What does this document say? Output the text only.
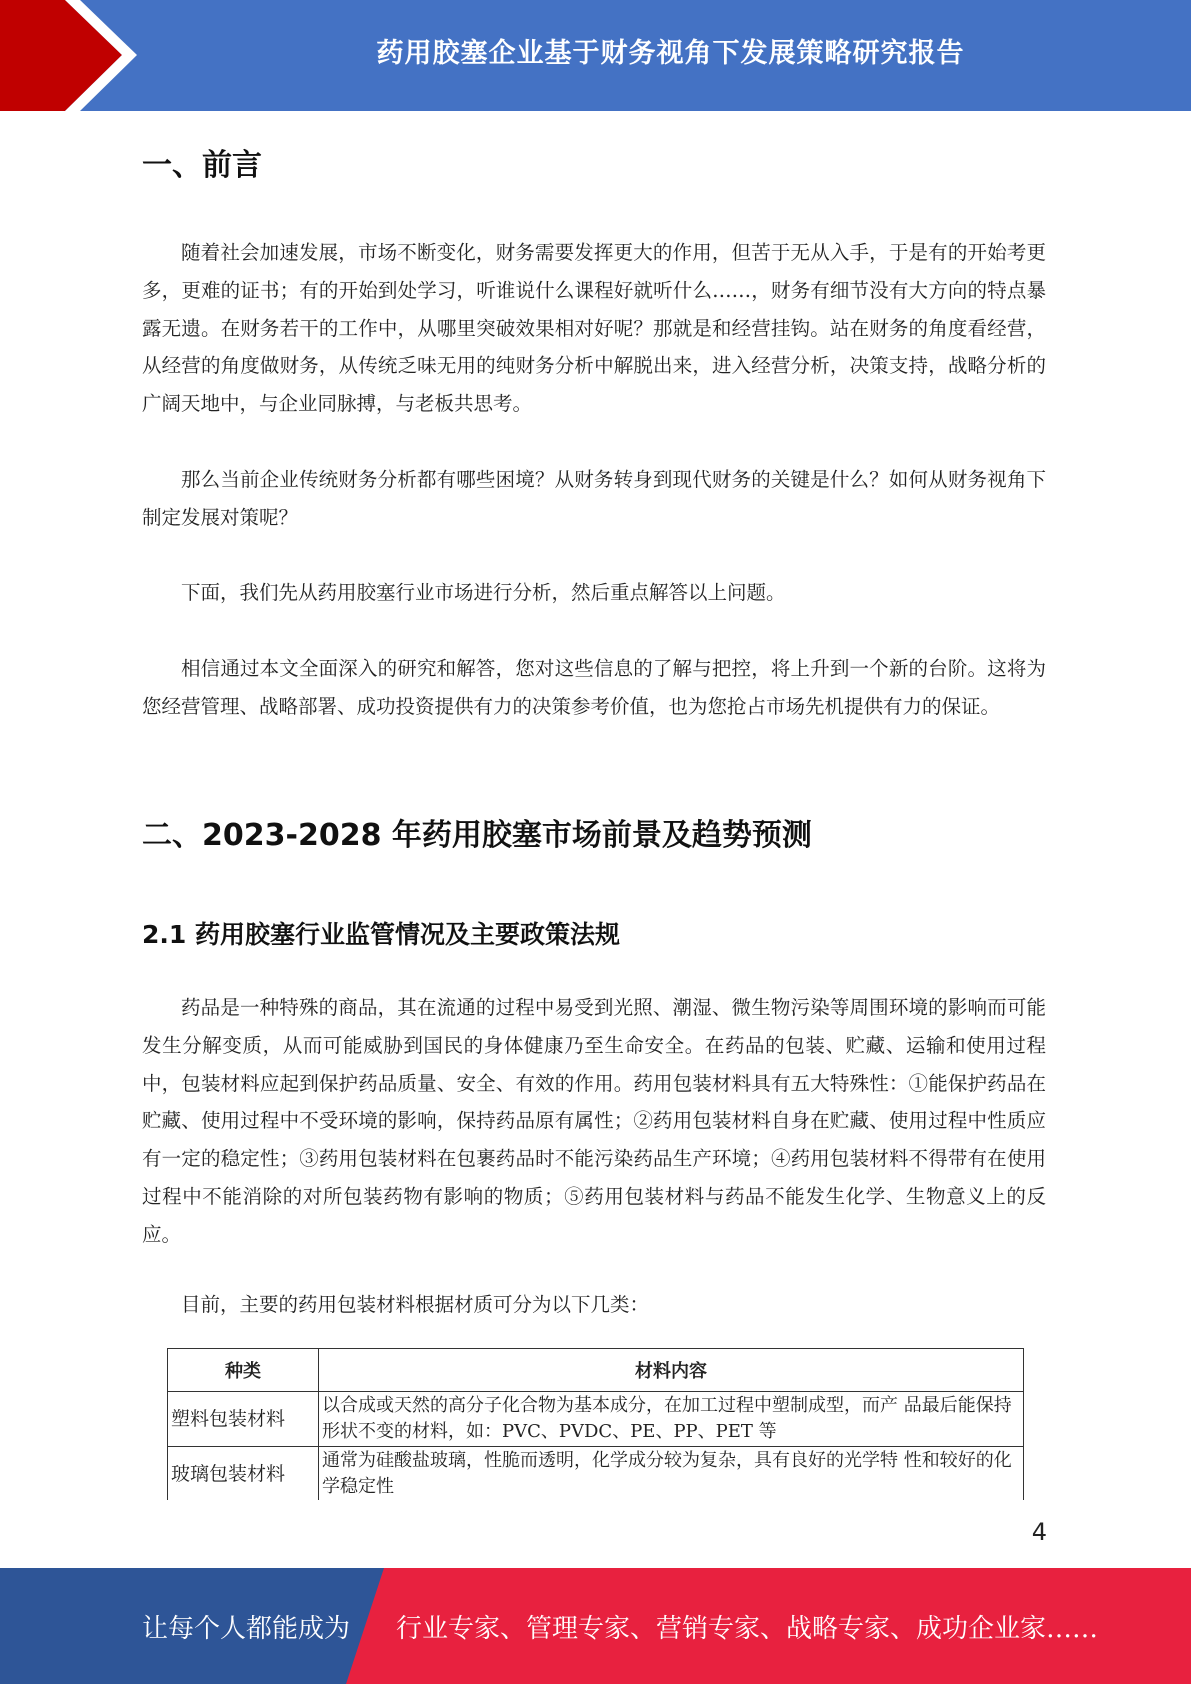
药用胶塞企业基于财务视角下发展策略研究报告
一、前言
随着社会加速发展，市场不断变化，财务需要发挥更大的作用，但苦于无从入手，于是有的开始考更多，更难的证书；有的开始到处学习，听谁说什么课程好就听什么……，财务有细节没有大方向的特点暴露无遗。在财务若干的工作中，从哪里突破效果相对好呢？那就是和经营挂钩。站在财务的角度看经营，从经营的角度做财务，从传统乏味无用的纯财务分析中解脱出来，进入经营分析，决策支持，战略分析的广阔天地中，与企业同脉搏，与老板共思考。
那么当前企业传统财务分析都有哪些困境？从财务转身到现代财务的关键是什么？如何从财务视角下制定发展对策呢？
下面，我们先从药用胶塞行业市场进行分析，然后重点解答以上问题。
相信通过本文全面深入的研究和解答，您对这些信息的了解与把控，将上升到一个新的台阶。这将为您经营管理、战略部署、成功投资提供有力的决策参考价值，也为您抢占市场先机提供有力的保证。
二、2023-2028 年药用胶塞市场前景及趋势预测
2.1 药用胶塞行业监管情况及主要政策法规
药品是一种特殊的商品，其在流通的过程中易受到光照、潮湿、微生物污染等周围环境的影响而可能发生分解变质，从而可能威胁到国民的身体健康乃至生命安全。在药品的包装、贮藏、运输和使用过程中，包装材料应起到保护药品质量、安全、有效的作用。药用包装材料具有五大特殊性：①能保护药品在贮藏、使用过程中不受环境的影响，保持药品原有属性；②药用包装材料自身在贮藏、使用过程中性质应有一定的稳定性；③药用包装材料在包裹药品时不能污染药品生产环境；④药用包装材料不得带有在使用过程中不能消除的对所包装药物有影响的物质；⑤药用包装材料与药品不能发生化学、生物意义上的反应。
目前，主要的药用包装材料根据材质可分为以下几类：
种类	材料内容
塑料包装材料	以合成或天然的高分子化合物为基本成分，在加工过程中塑制成型，而产 品最后能保持形状不变的材料，如：PVC、PVDC、PE、PP、PET 等
玻璃包装材料	通常为硅酸盐玻璃，性脆而透明，化学成分较为复杂，具有良好的光学特 性和较好的化学稳定性
4
让每个人都能成为 行业专家、管理专家、营销专家、战略专家、成功企业家……
